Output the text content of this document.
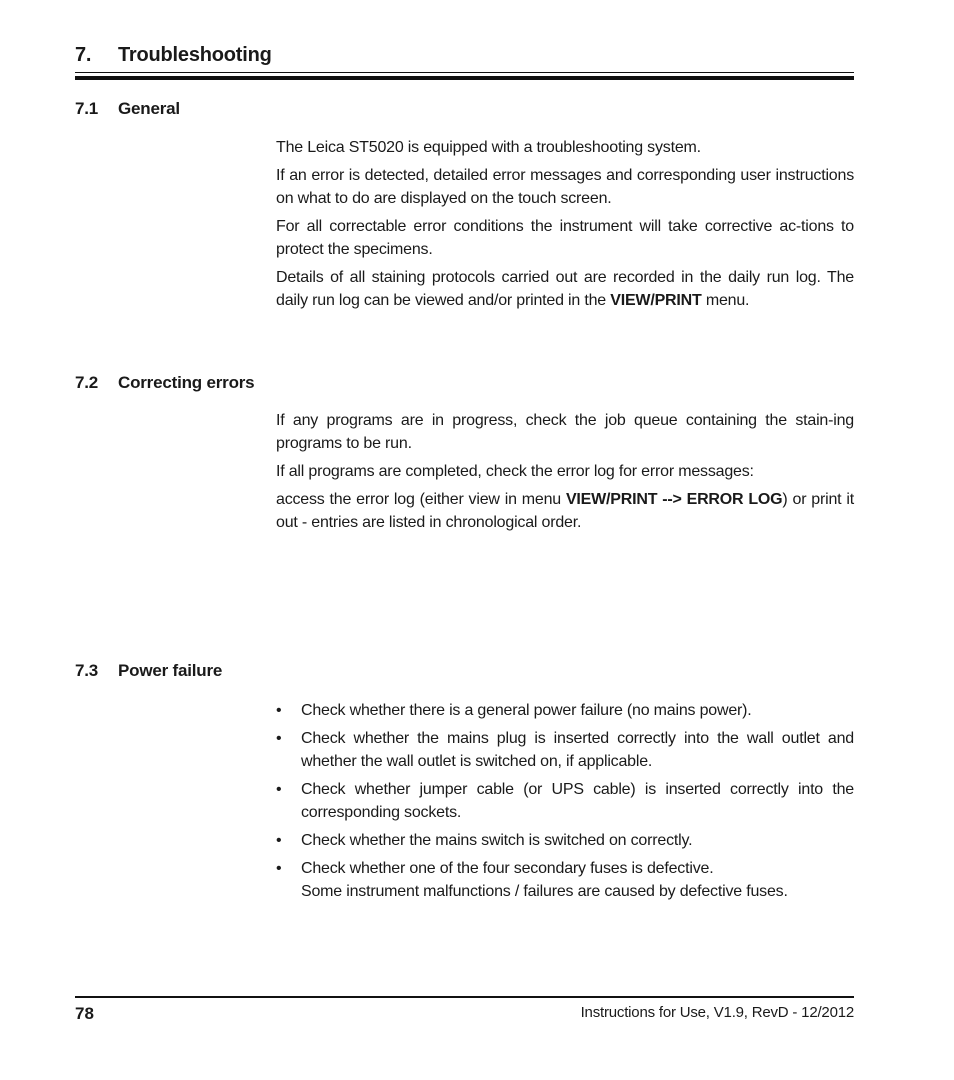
7. Troubleshooting
7.1 General

The Leica ST5020 is equipped with a troubleshooting system.

If an error is detected, detailed error messages and corresponding user instructions on what to do are displayed on the touch screen.

For all correctable error conditions the instrument will take corrective ac-tions to protect the specimens.

Details of all staining protocols carried out are recorded in the daily run log. The daily run log can be viewed and/or printed in the VIEW/PRINT menu.

7.2 Correcting errors

If any programs are in progress, check the job queue containing the stain-ing programs to be run.

If all programs are completed, check the error log for error messages:

access the error log (either view in menu VIEW/PRINT --> ERROR LOG) or print it out - entries are listed in chronological order.

7.3 Power failure
• Check whether there is a general power failure (no mains power).
• Check whether the mains plug is inserted correctly into the wall outlet and whether the wall outlet is switched on, if applicable.
• Check whether jumper cable (or UPS cable) is inserted correctly into the corresponding sockets.
• Check whether the mains switch is switched on correctly.
• Check whether one of the four secondary fuses is defective.
Some instrument malfunctions / failures are caused by defective fuses.
78	Instructions for Use, V1.9, RevD - 12/2012
